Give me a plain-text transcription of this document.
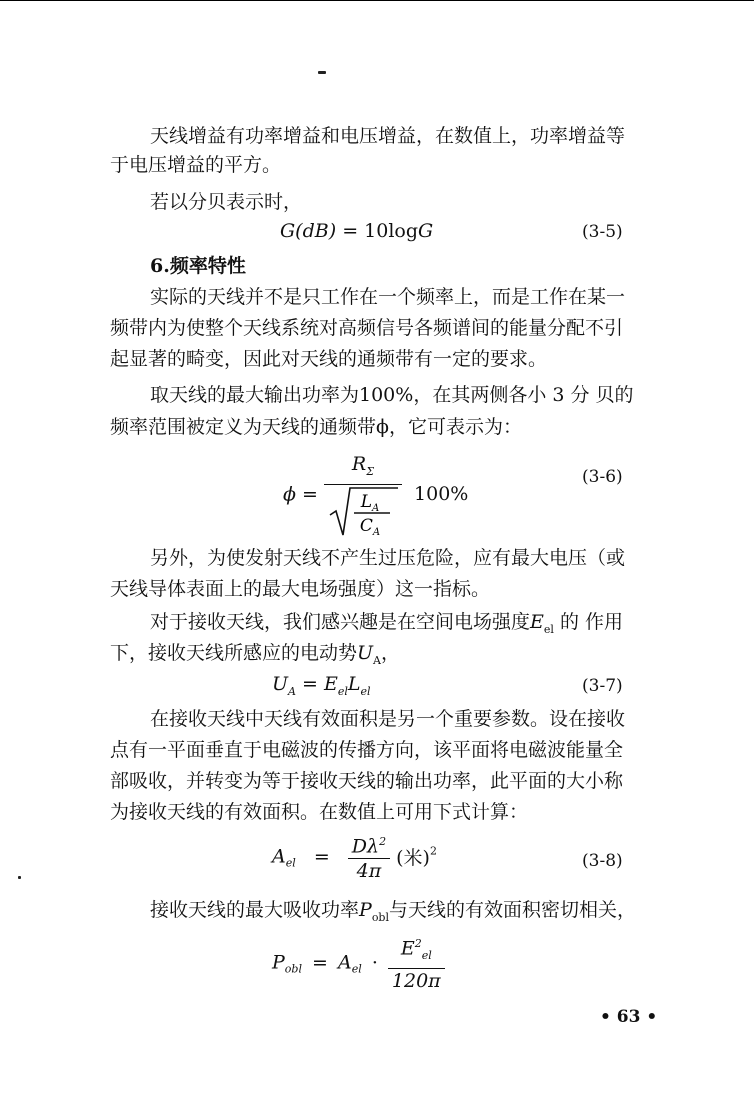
天线增益有功率增益和电压增益，在数值上，功率增益等
于电压增益的平方。
若以分贝表示时，
G(dB) = 10logG	(3-5)
6.频率特性
实际的天线并不是只工作在一个频率上，而是工作在某一
频带内为使整个天线系统对高频信号各频谱间的能量分配不引
起显著的畸变，因此对天线的通频带有一定的要求。
取天线的最大输出功率为100%，在其两侧各小 3 分 贝的
频率范围被定义为天线的通频带ϕ，它可表示为：
$\phi = R_\Sigma$
$L_A$
$C_A$ 100%
(3-6)
另外，为使发射天线不产生过压危险，应有最大电压（或
天线导体表面上的最大电场强度）这一指标。
对于接收天线，我们感兴趣是在空间电场强度$E_{el}$ 的 作用
下，接收天线所感应的电动势$U_A$，
$U_A = E_{el}L_{el}$	(3-7)
在接收天线中天线有效面积是另一个重要参数。设在接收
点有一平面垂直于电磁波的传播方向，该平面将电磁波能量全
部吸收，并转变为等于接收天线的输出功率，此平面的大小称
为接收天线的有效面积。在数值上可用下式计算：
$A_{el} = \frac{D\lambda^2}{4\pi}$ (米)$^2$
(3-8)
接收天线的最大吸收功率$P_{obl}$与天线的有效面积密切相关，
$P_{obl} = A_{el} \cdot \frac{E^2_{el}}{120\pi}$
• 63 •
